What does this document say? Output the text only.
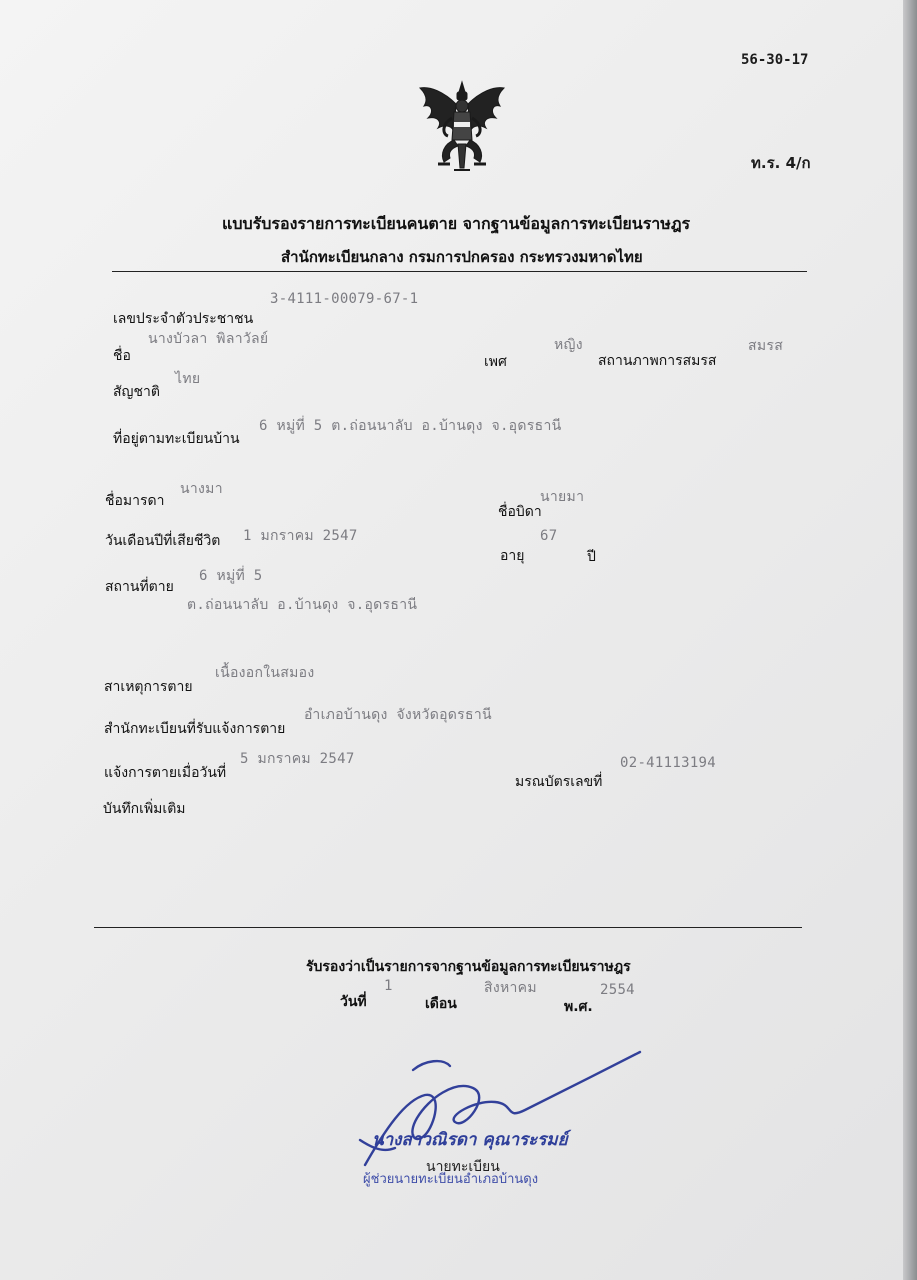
56-30-17
ท.ร. 4/ก
แบบรับรองรายการทะเบียนคนตาย จากฐานข้อมูลการทะเบียนราษฎร
สำนักทะเบียนกลาง กรมการปกครอง กระทรวงมหาดไทย
เลขประจำตัวประชาชน
3-4111-00079-67-1
ชื่อ
นางบัวลา พิลาวัลย์
เพศ
หญิง
สถานภาพการสมรส
สมรส
สัญชาติ
ไทย
ที่อยู่ตามทะเบียนบ้าน
6 หมู่ที่ 5 ต.ถ่อนนาลับ อ.บ้านดุง จ.อุดรธานี
ชื่อมารดา
นางมา
ชื่อบิดา
นายมา
วันเดือนปีที่เสียชีวิต 1 มกราคม 2547
อายุ
67
ปี
สถานที่ตาย
6 หมู่ที่ 5
ต.ถ่อนนาลับ อ.บ้านดุง จ.อุดรธานี
สาเหตุการตาย
เนื้องอกในสมอง
สำนักทะเบียนที่รับแจ้งการตาย
อำเภอบ้านดุง จังหวัดอุดรธานี
แจ้งการตายเมื่อวันที่
5 มกราคม 2547
มรณบัตรเลขที่
02-41113194
บันทึกเพิ่มเติม
รับรองว่าเป็นรายการจากฐานข้อมูลการทะเบียนราษฎร
วันที่
1
เดือน
สิงหาคม
พ.ศ.
2554
นางสาวณิรดา คุณาระรมย์
นายทะเบียน
ผู้ช่วยนายทะเบียนอำเภอบ้านดุง
